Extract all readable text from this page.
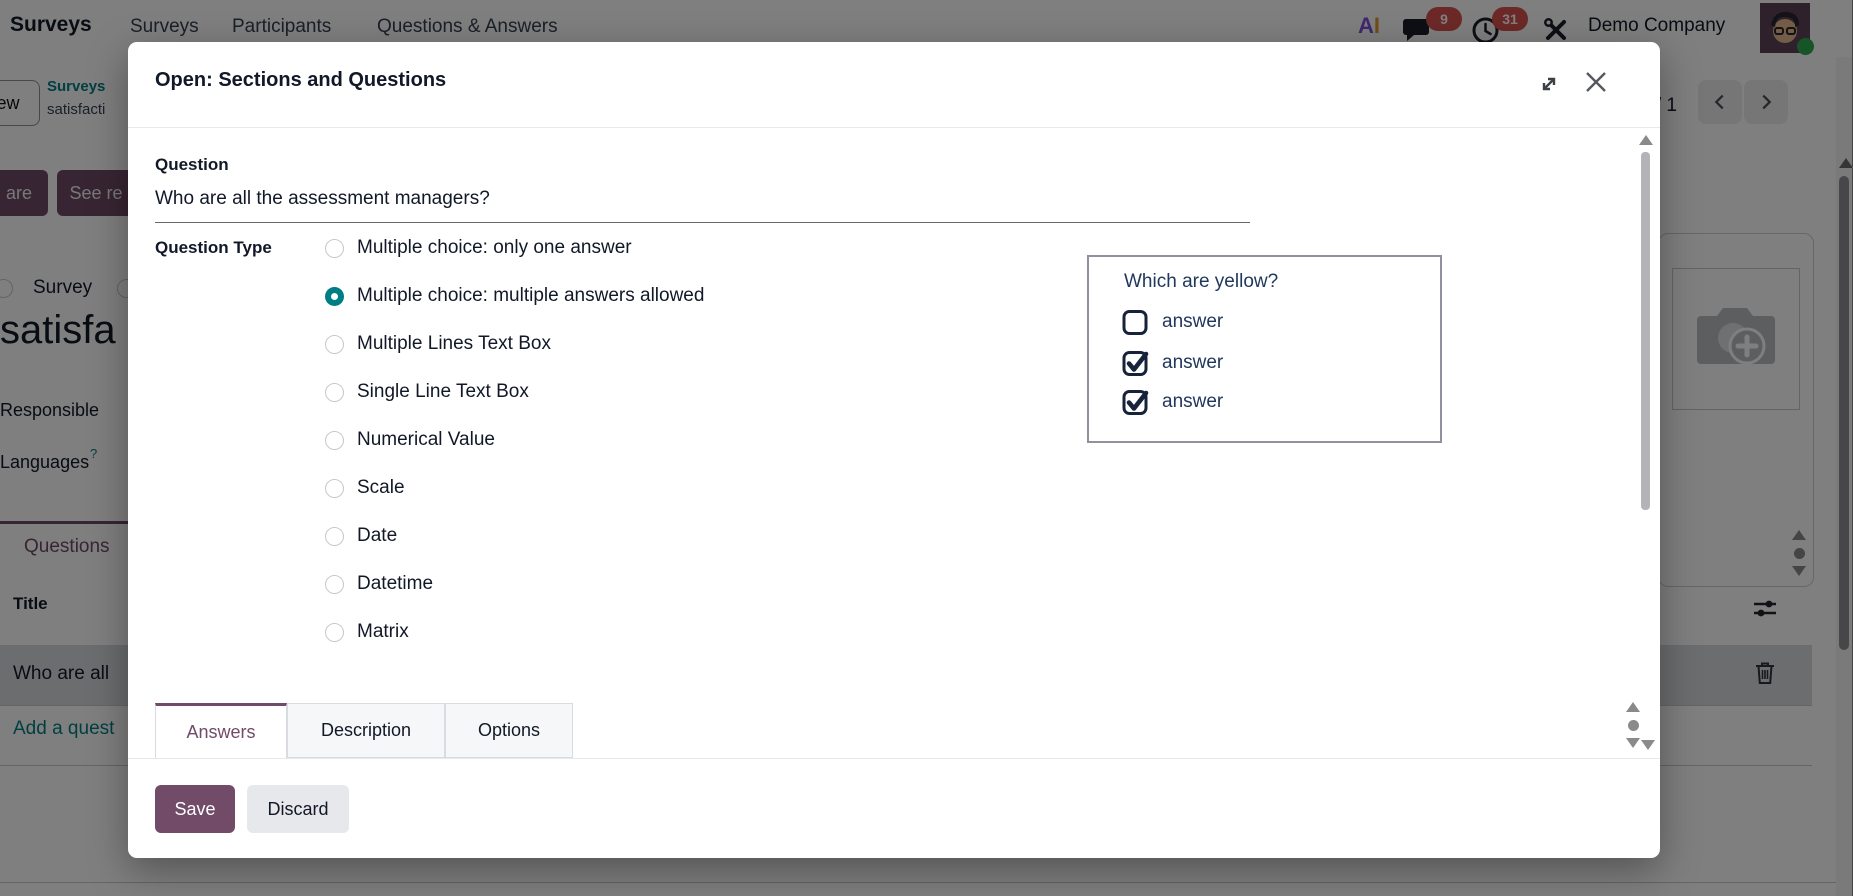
Open: Sections and Questions
Question
Who are all the assessment managers?
Question Type	Multiple choice: only one answer
Multiple choice: multiple answers allowed
Multiple Lines Text Box
Single Line Text Box
Numerical Value
Scale
Date
Datetime
Matrix
Which are yellow?
answer
answer
answer
Answers	Description	Options
Save	Discard
